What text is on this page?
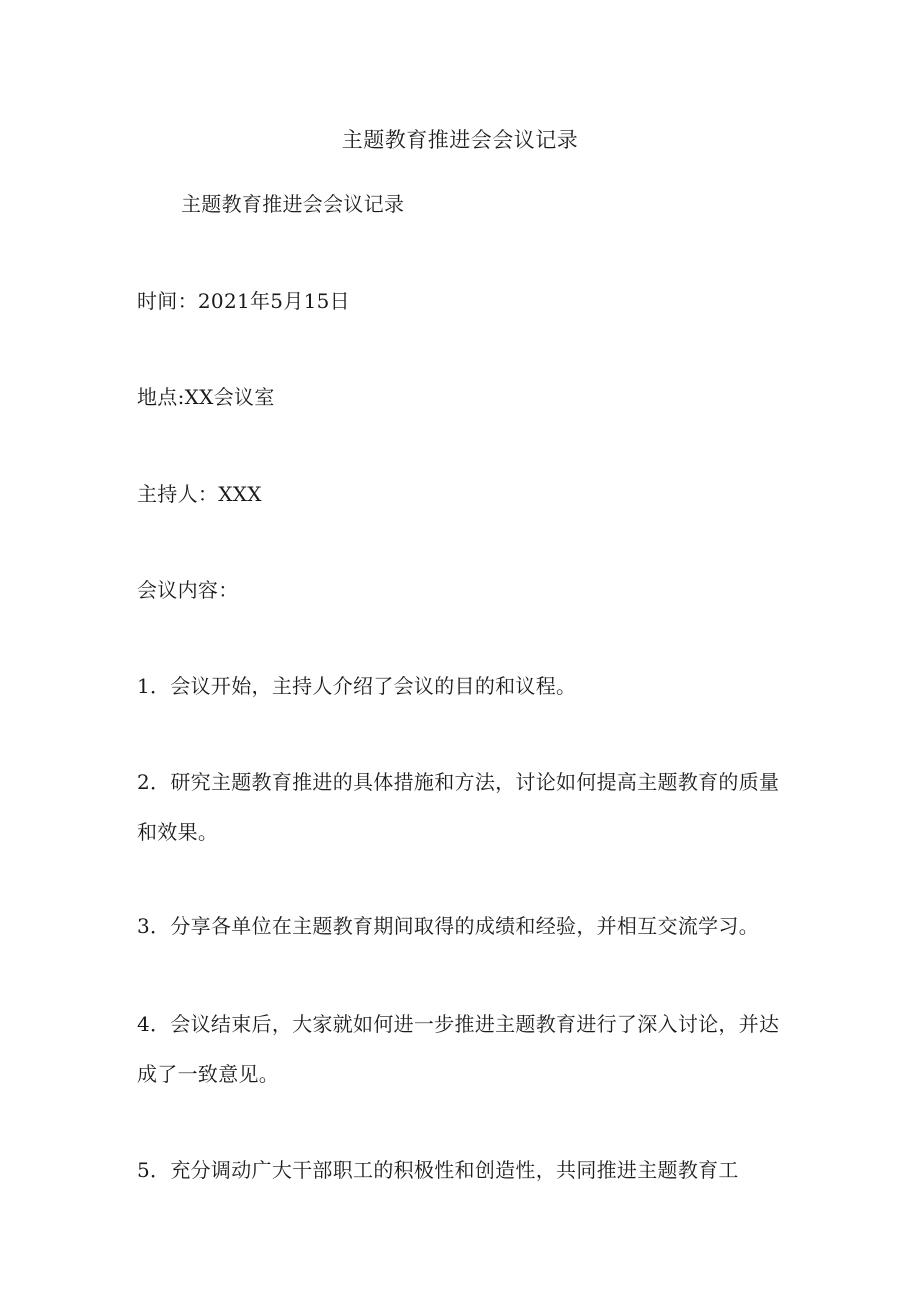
主题教育推进会会议记录
主题教育推进会会议记录
时间：2021年5月15日
地点:XX会议室
主持人：XXX
会议内容：
1．会议开始，主持人介绍了会议的目的和议程。
2．研究主题教育推进的具体措施和方法，讨论如何提高主题教育的质量
和效果。
3．分享各单位在主题教育期间取得的成绩和经验，并相互交流学习。
4．会议结束后，大家就如何进一步推进主题教育进行了深入讨论，并达
成了一致意见。
5．充分调动广大干部职工的积极性和创造性，共同推进主题教育工
